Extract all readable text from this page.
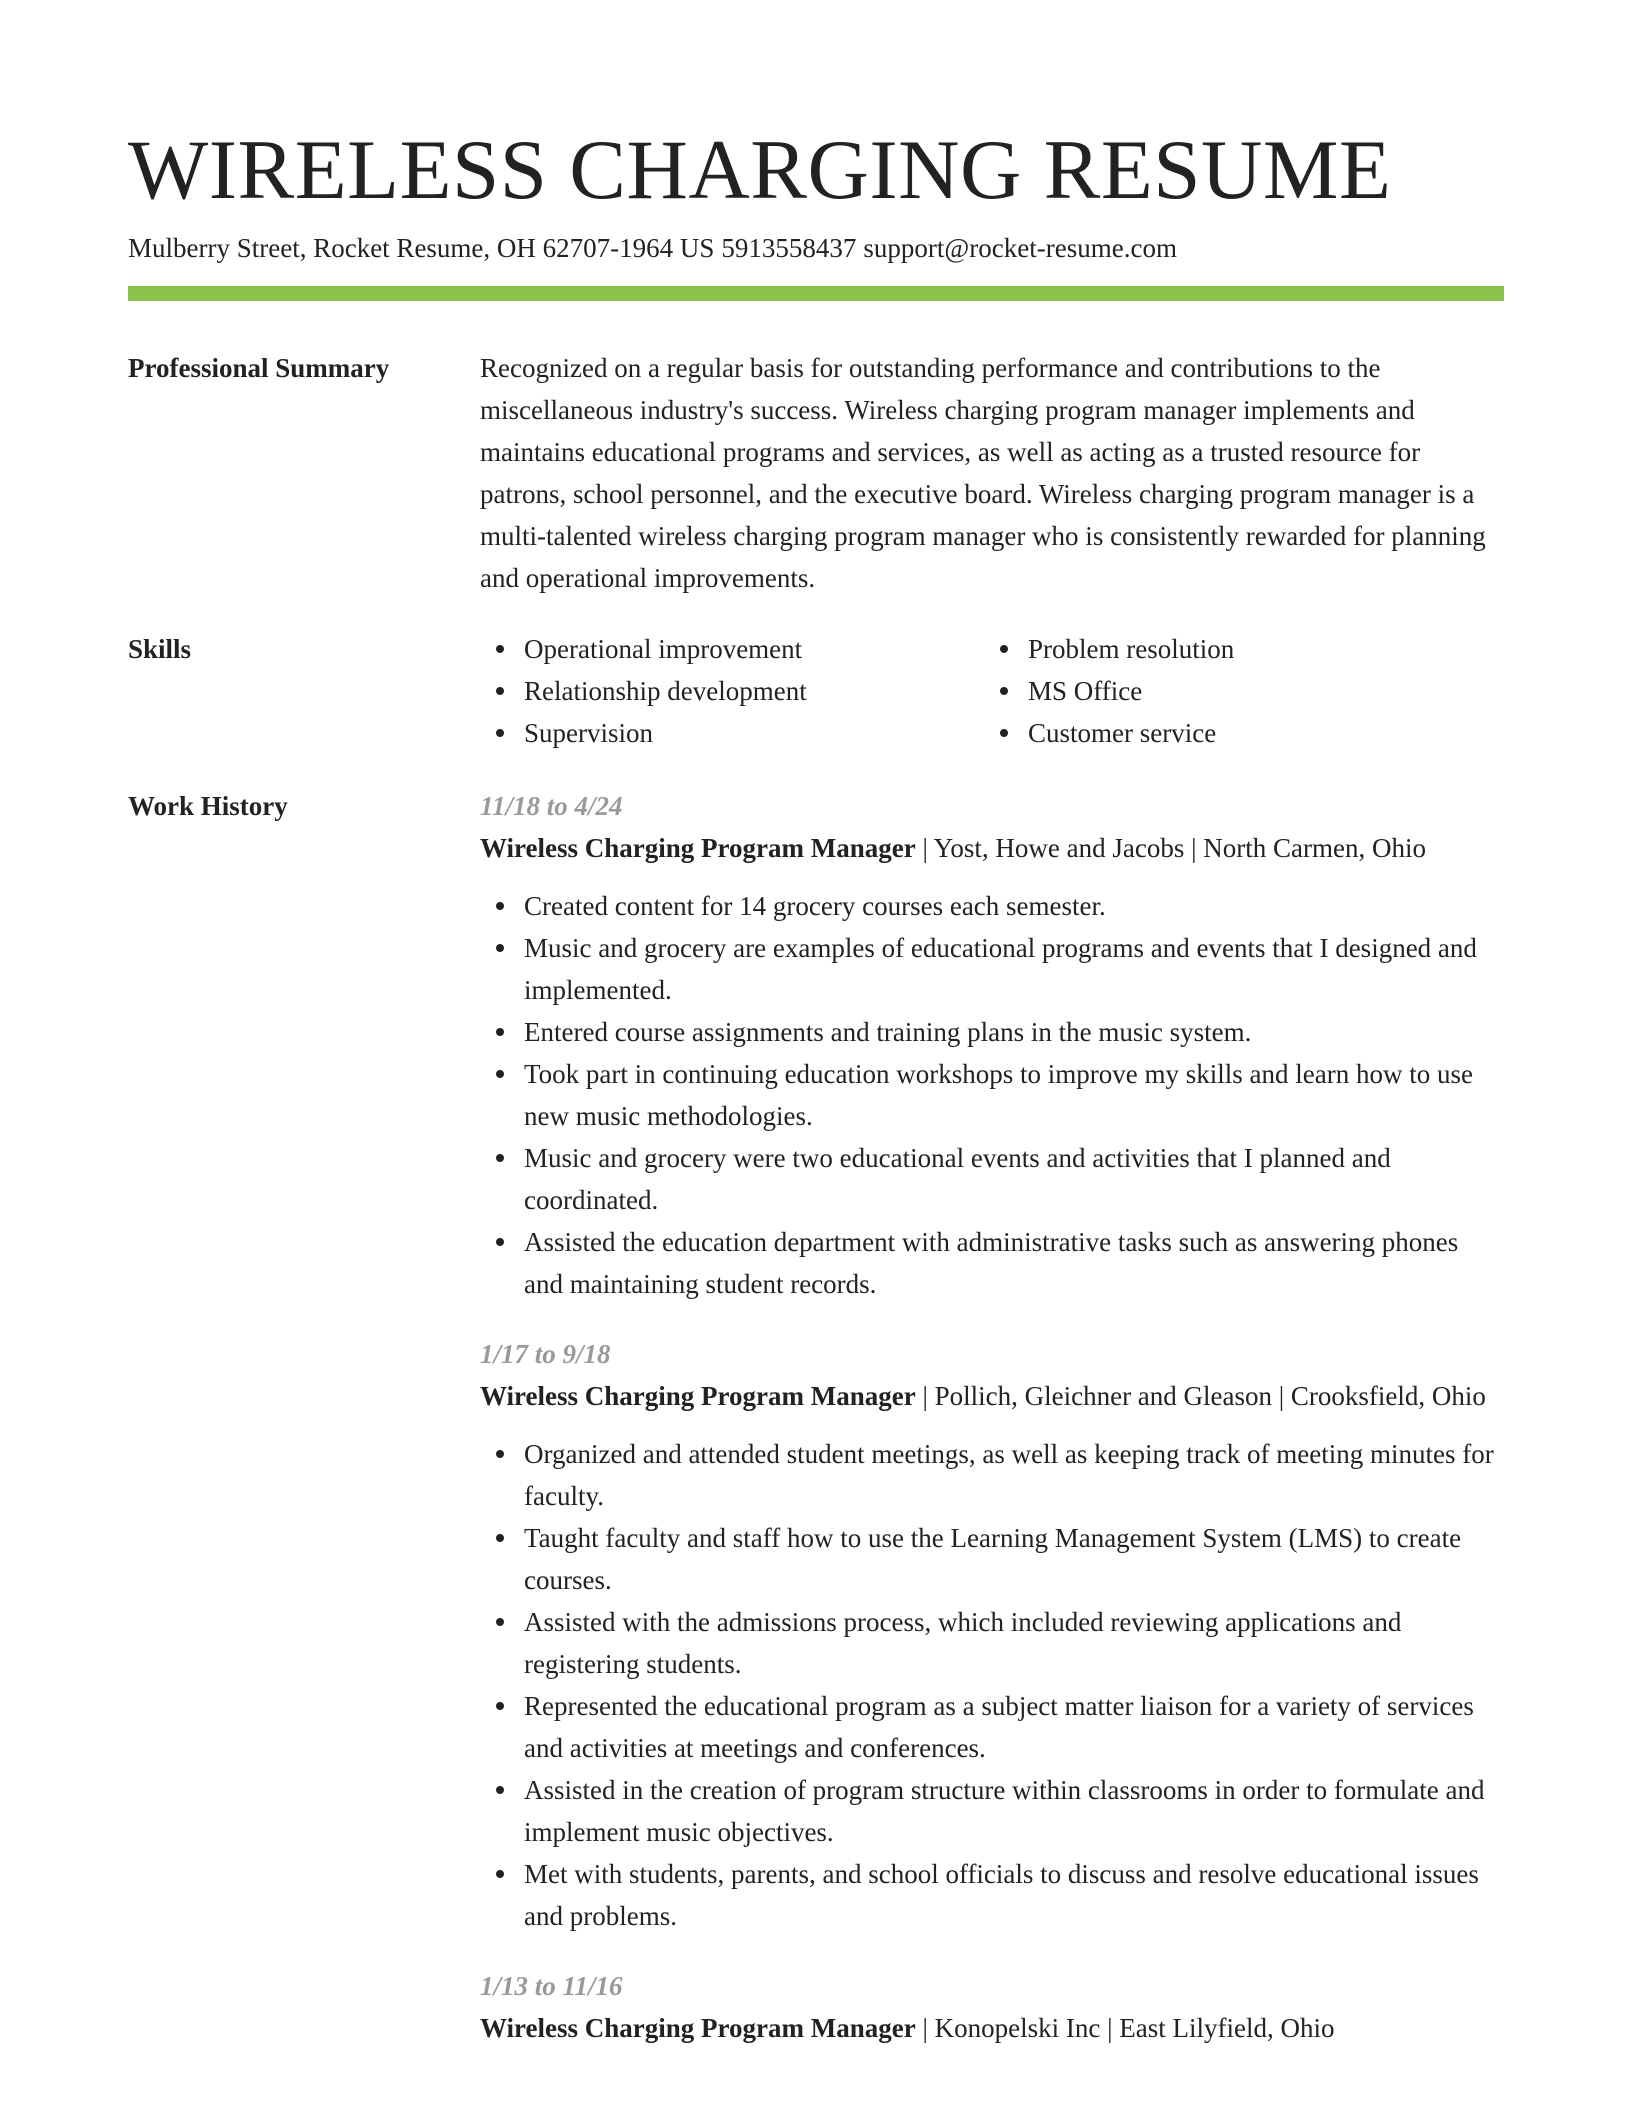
WIRELESS CHARGING RESUME
Mulberry Street, Rocket Resume, OH 62707-1964 US 5913558437 support@rocket-resume.com
Professional Summary	Recognized on a regular basis for outstanding performance and contributions to the miscellaneous industry's success. Wireless charging program manager implements and maintains educational programs and services, as well as acting as a trusted resource for patrons, school personnel, and the executive board. Wireless charging program manager is a multi-talented wireless charging program manager who is consistently rewarded for planning and operational improvements.

Skills	Operational improvement
Relationship development
Supervision
Problem resolution
MS Office
Customer service
Work History	11/18 to 4/24

Wireless Charging Program Manager | Yost, Howe and Jacobs | North Carmen, Ohio

Created content for 14 grocery courses each semester.
Music and grocery are examples of educational programs and events that I designed and implemented.
Entered course assignments and training plans in the music system.
Took part in continuing education workshops to improve my skills and learn how to use new music methodologies.
Music and grocery were two educational events and activities that I planned and coordinated.
Assisted the education department with administrative tasks such as answering phones and maintaining student records.
1/17 to 9/18

Wireless Charging Program Manager | Pollich, Gleichner and Gleason | Crooksfield, Ohio

Organized and attended student meetings, as well as keeping track of meeting minutes for faculty.
Taught faculty and staff how to use the Learning Management System (LMS) to create courses.
Assisted with the admissions process, which included reviewing applications and registering students.
Represented the educational program as a subject matter liaison for a variety of services and activities at meetings and conferences.
Assisted in the creation of program structure within classrooms in order to formulate and implement music objectives.
Met with students, parents, and school officials to discuss and resolve educational issues and problems.
1/13 to 11/16

Wireless Charging Program Manager | Konopelski Inc | East Lilyfield, Ohio
